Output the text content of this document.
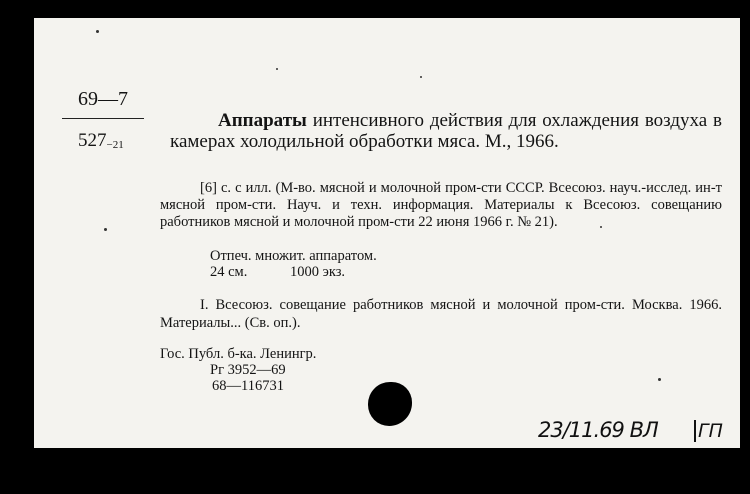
69—7
$527_{-21}$
Аппараты интенсивного действия для охлаждения воздуха в камерах холодильной обработки мяса. М., 1966.
[6] с. с илл. (М-во. мясной и молочной пром-сти СССР. Всесоюз. науч.-исслед. ин-т мясной пром-сти. Науч. и техн. информация. Материалы к Всесоюз. совещанию работников мясной и молочной пром-сти 22 июня 1966 г. № 21).
Отпеч. множит. аппаратом.
24 см.	1000 экз.
I. Всесоюз. совещание работников мясной и молочной пром-сти. Москва. 1966. Материалы... (Св. оп.).
Гос. Публ. б-ка. Ленингр.
Рг 3952—69
68—116731
23/11.69 ВЛ ГП
